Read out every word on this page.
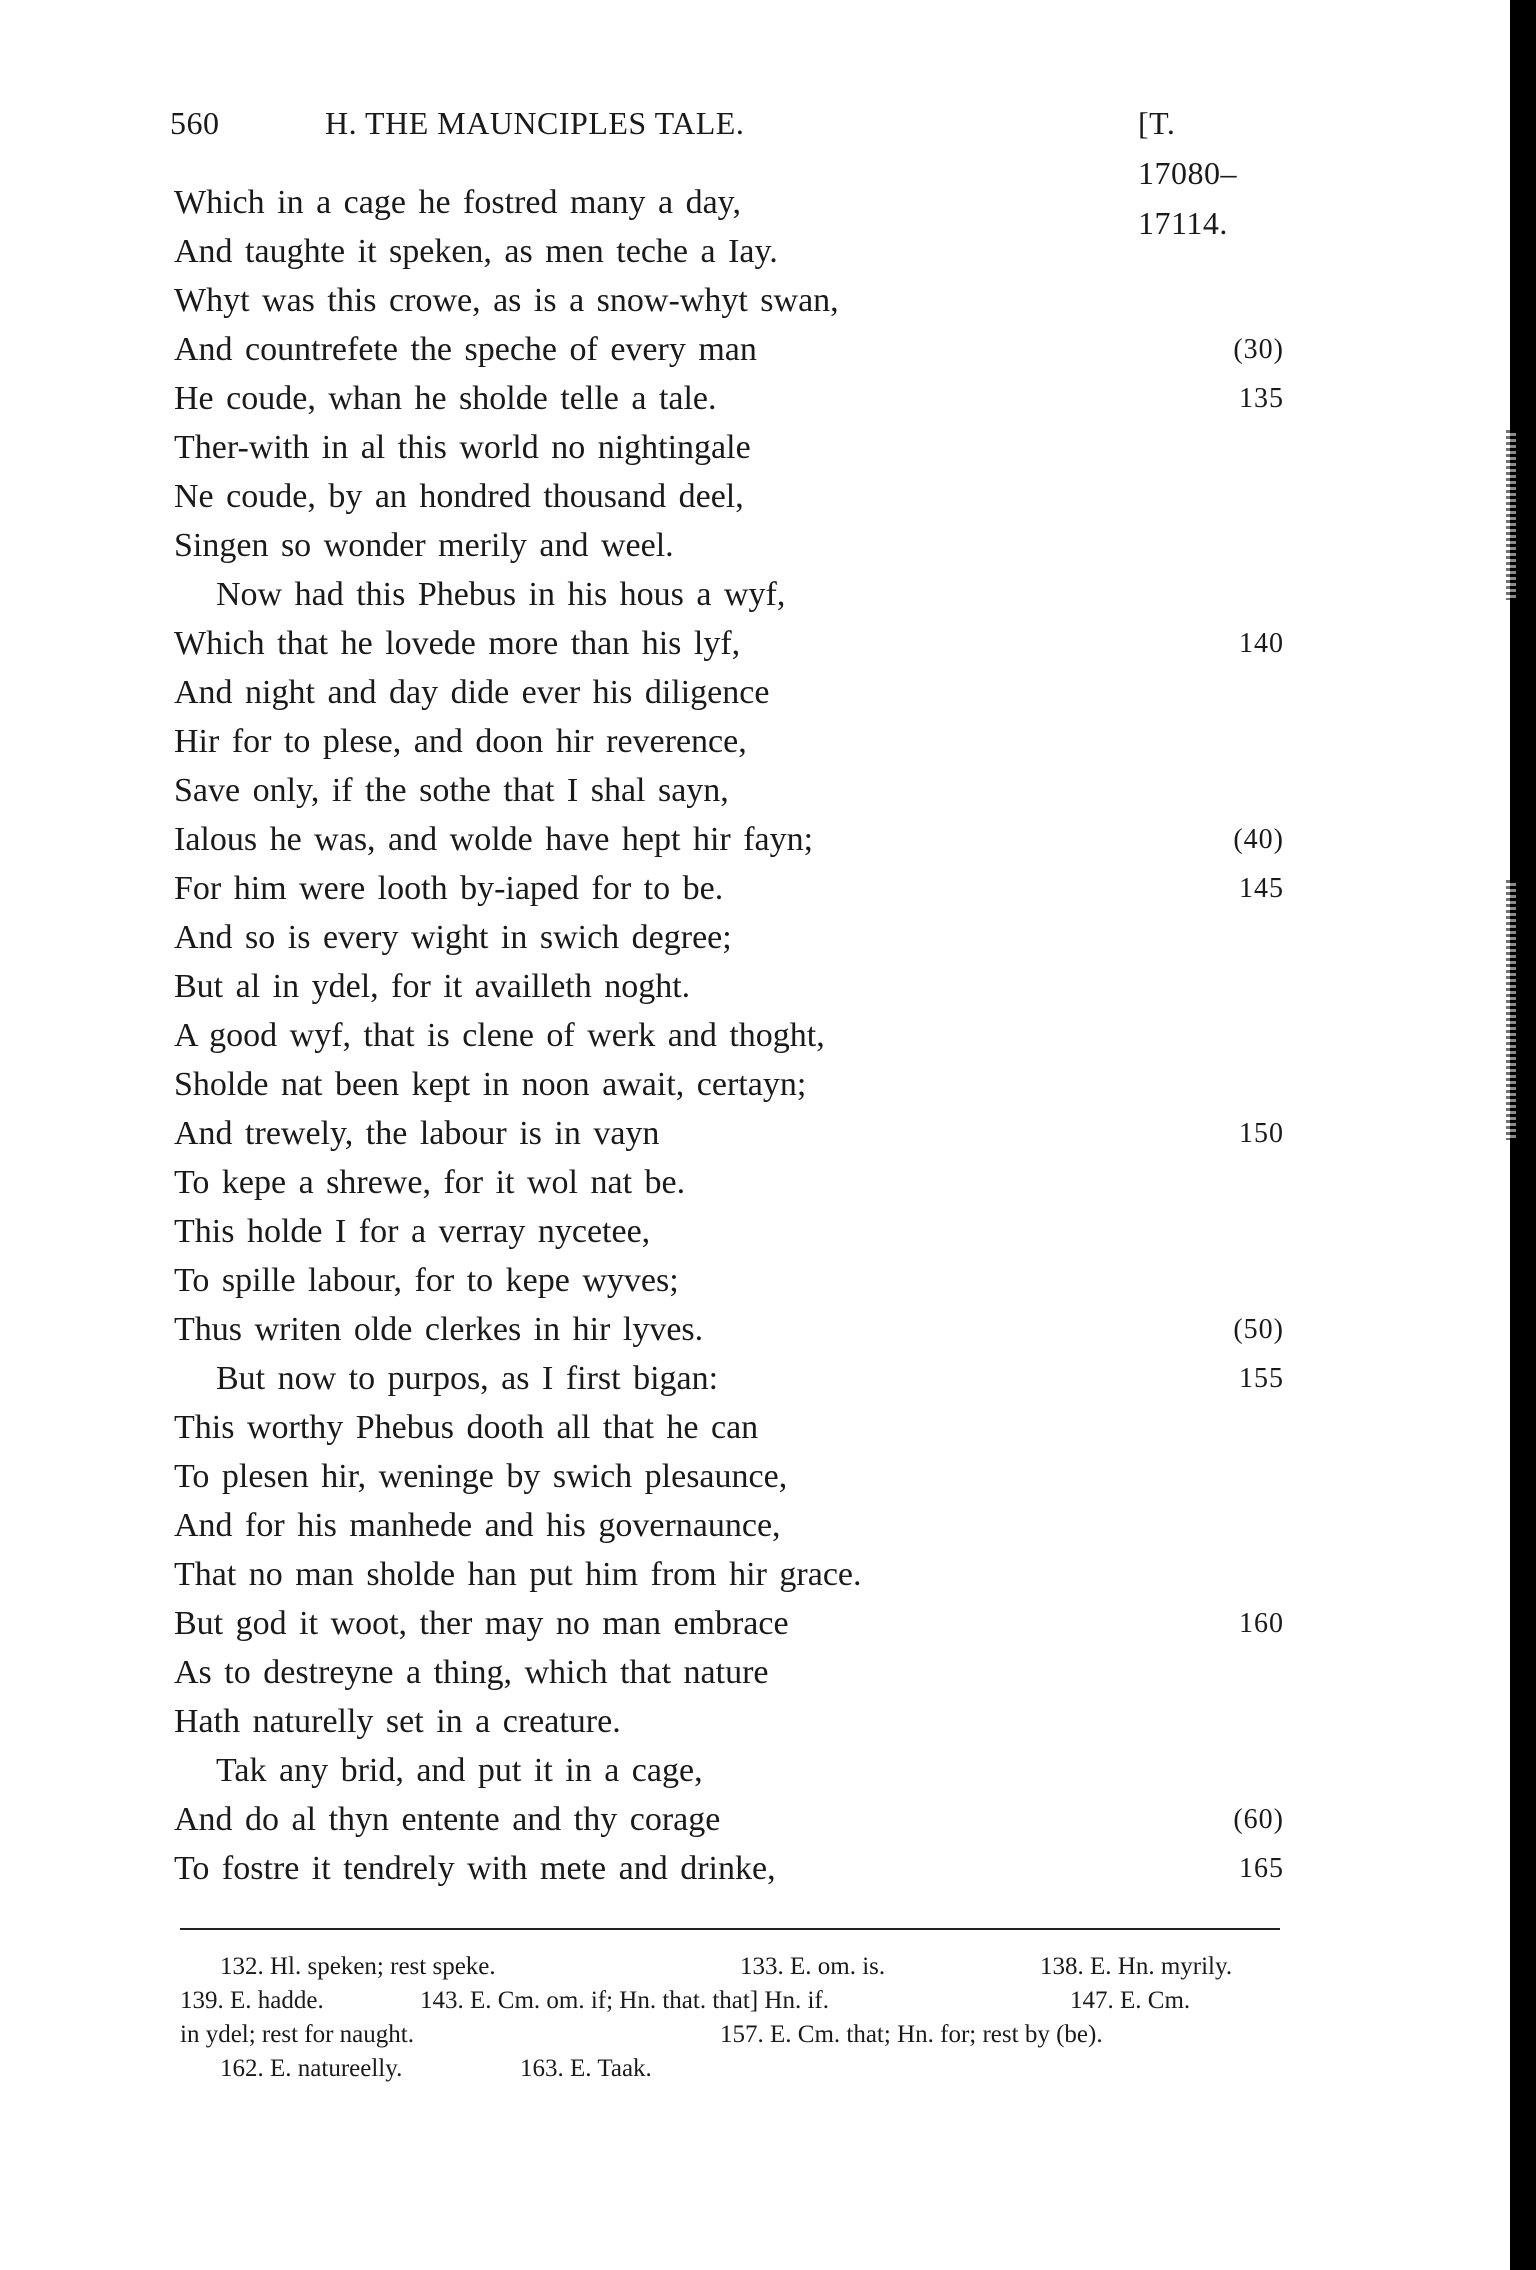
560	H. THE MAUNCIPLES TALE.	[T. 17080–17114.
Which in a cage he fostred many a day,
And taughte it speken, as men teche a Iay.
Whyt was this crowe, as is a snow-whyt swan,
And countrefete the speche of every man	(30)
He coude, whan he sholde telle a tale.	135
Ther-with in al this world no nightingale
Ne coude, by an hondred thousand deel,
Singen so wonder merily and weel.
Now had this Phebus in his hous a wyf,
Which that he lovede more than his lyf,	140
And night and day dide ever his diligence
Hir for to plese, and doon hir reverence,
Save only, if the sothe that I shal sayn,
Ialous he was, and wolde have hept hir fayn;	(40)
For him were looth by-iaped for to be.	145
And so is every wight in swich degree;
But al in ydel, for it availleth noght.
A good wyf, that is clene of werk and thoght,
Sholde nat been kept in noon await, certayn;
And trewely, the labour is in vayn	150
To kepe a shrewe, for it wol nat be.
This holde I for a verray nycetee,
To spille labour, for to kepe wyves;
Thus writen olde clerkes in hir lyves.	(50)
But now to purpos, as I first bigan:	155
This worthy Phebus dooth all that he can
To plesen hir, weninge by swich plesaunce,
And for his manhede and his governaunce,
That no man sholde han put him from hir grace.
But god it woot, ther may no man embrace	160
As to destreyne a thing, which that nature
Hath naturelly set in a creature.
Tak any brid, and put it in a cage,
And do al thyn entente and thy corage	(60)
To fostre it tendrely with mete and drinke,	165
132. Hl. speken; rest speke.	133. E. om. is.	138. E. Hn. myrily.
139. E. hadde.	143. E. Cm. om. if; Hn. that. that] Hn. if.	147. E. Cm.
in ydel; rest for naught.	157. E. Cm. that; Hn. for; rest by (be).
162. E. natureelly.	163. E. Taak.
